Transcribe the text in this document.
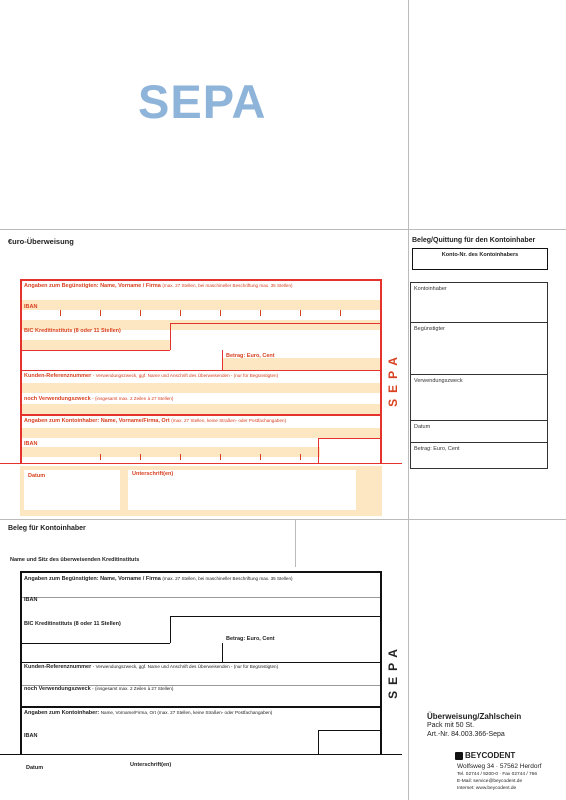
SEPA
€uro-Überweisung
Angaben zum Begünstigten: Name, Vorname / Firma (max. 27 Stellen, bei maschineller Beschriftung max. 35 Stellen)
IBAN
BIC Kreditinstituts (8 oder 11 Stellen)
Betrag: Euro, Cent
Kunden-Referenznummer - Verwendungszweck, ggf. Name und Anschrift des Überweisenden - (nur für Begünstigten)
noch Verwendungszweck - (insgesamt max. 2 Zeilen à 27 Stellen)
Angaben zum Kontoinhaber: Name, Vorname/Firma, Ort (max. 27 Stellen, keine Straßen- oder Postfachangaben)
IBAN
Datum	Unterschrift(en)
SEPA
Beleg/Quittung für den Kontoinhaber
Konto-Nr. des Kontoinhabers
Kontoinhaber
Begünstigter
Verwendungszweck
Datum
Betrag: Euro, Cent
Beleg für Kontoinhaber
Name und Sitz des überweisenden Kreditinstituts
Angaben zum Begünstigten: Name, Vorname / Firma (max. 27 Stellen, bei maschineller Beschriftung max. 35 Stellen)
IBAN
BIC Kreditinstituts (8 oder 11 Stellen)
Betrag: Euro, Cent
Kunden-Referenznummer - Verwendungszweck, ggf. Name und Anschrift des Überweisenden - (nur für Begünstigten)
noch Verwendungszweck - (insgesamt max. 2 Zeilen à 27 Stellen)
Angaben zum Kontoinhaber: Name, Vorname/Firma, Ort (max. 27 Stellen, keine Straßen- oder Postfachangaben)
IBAN
Datum	Unterschrift(en)
SEPA
Überweisung/Zahlschein
Pack mit 50 St.
Art.-Nr. 84.003.366-Sepa
BEYCODENT
Wolfsweg 34 · 57562 Herdorf
Tel. 02744 / 9200-0 · Fax 02744 / 766
E-Mail: service@beycodent.de
Internet: www.beycodent.de
